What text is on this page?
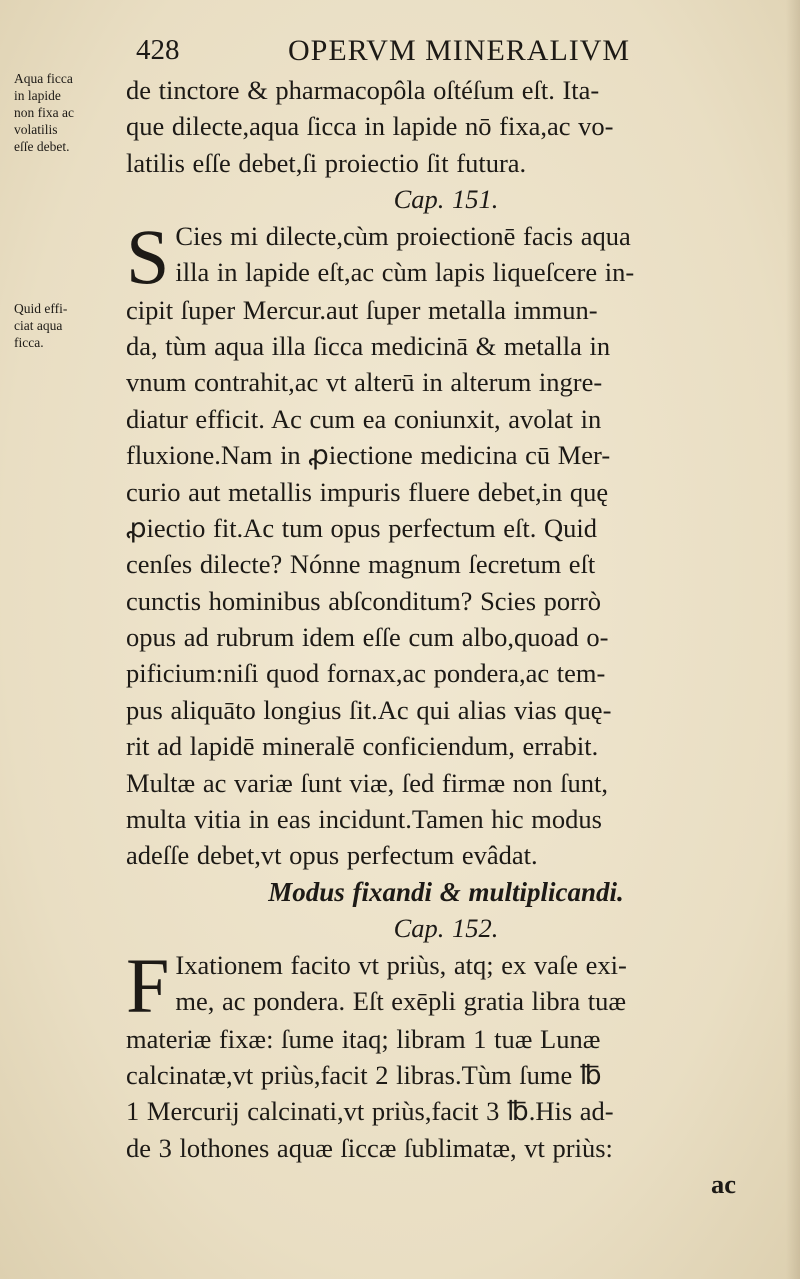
428	OPERVM MINERALIVM
Aqua ficca
in lapide
non fixa ac
volatilis
eſſe debet.
Quid effi-
ciat aqua
ficca.
de tinctore & pharmacopôla oſtéſum eſt. Ita-
que dilecte,aqua ſicca in lapide nō fixa,ac vo-
latilis eſſe debet,ſi proiectio ſit futura.
Cap. 151.
S Cies mi dilecte,cùm proiectionē facis aqua
illa in lapide eſt,ac cùm lapis liqueſcere in-
cipit ſuper Mercur.aut ſuper metalla immun-
da, tùm aqua illa ſicca medicinā & metalla in
vnum contrahit,ac vt alterū in alterum ingre-
diatur efficit. Ac cum ea coniunxit, avolat in
fluxione.Nam in ꝓiectione medicina cū Mer-
curio aut metallis impuris fluere debet,in quę
ꝓiectio fit.Ac tum opus perfectum eſt. Quid
cenſes dilecte? Nónne magnum ſecretum eſt
cunctis hominibus abſconditum? Scies porrò
opus ad rubrum idem eſſe cum albo,quoad o-
pificium:niſi quod fornax,ac pondera,ac tem-
pus aliquāto longius ſit.Ac qui alias vias quę-
rit ad lapidē mineralē conficiendum, errabit.
Multæ ac variæ ſunt viæ, ſed firmæ non ſunt,
multa vitia in eas incidunt.Tamen hic modus
adeſſe debet,vt opus perfectum evâdat.
Modus fixandi & multiplicandi.
Cap. 152.
F Ixationem facito vt priùs, atq; ex vaſe exi-
me, ac pondera. Eſt exēpli gratia libra tuæ
materiæ fixæ: ſume itaq; libram 1 tuæ Lunæ
calcinatæ,vt priùs,facit 2 libras.Tùm ſume ℔
1 Mercurij calcinati,vt priùs,facit 3 ℔.His ad-
de 3 lothones aquæ ſiccæ ſublimatæ, vt priùs:
ac
